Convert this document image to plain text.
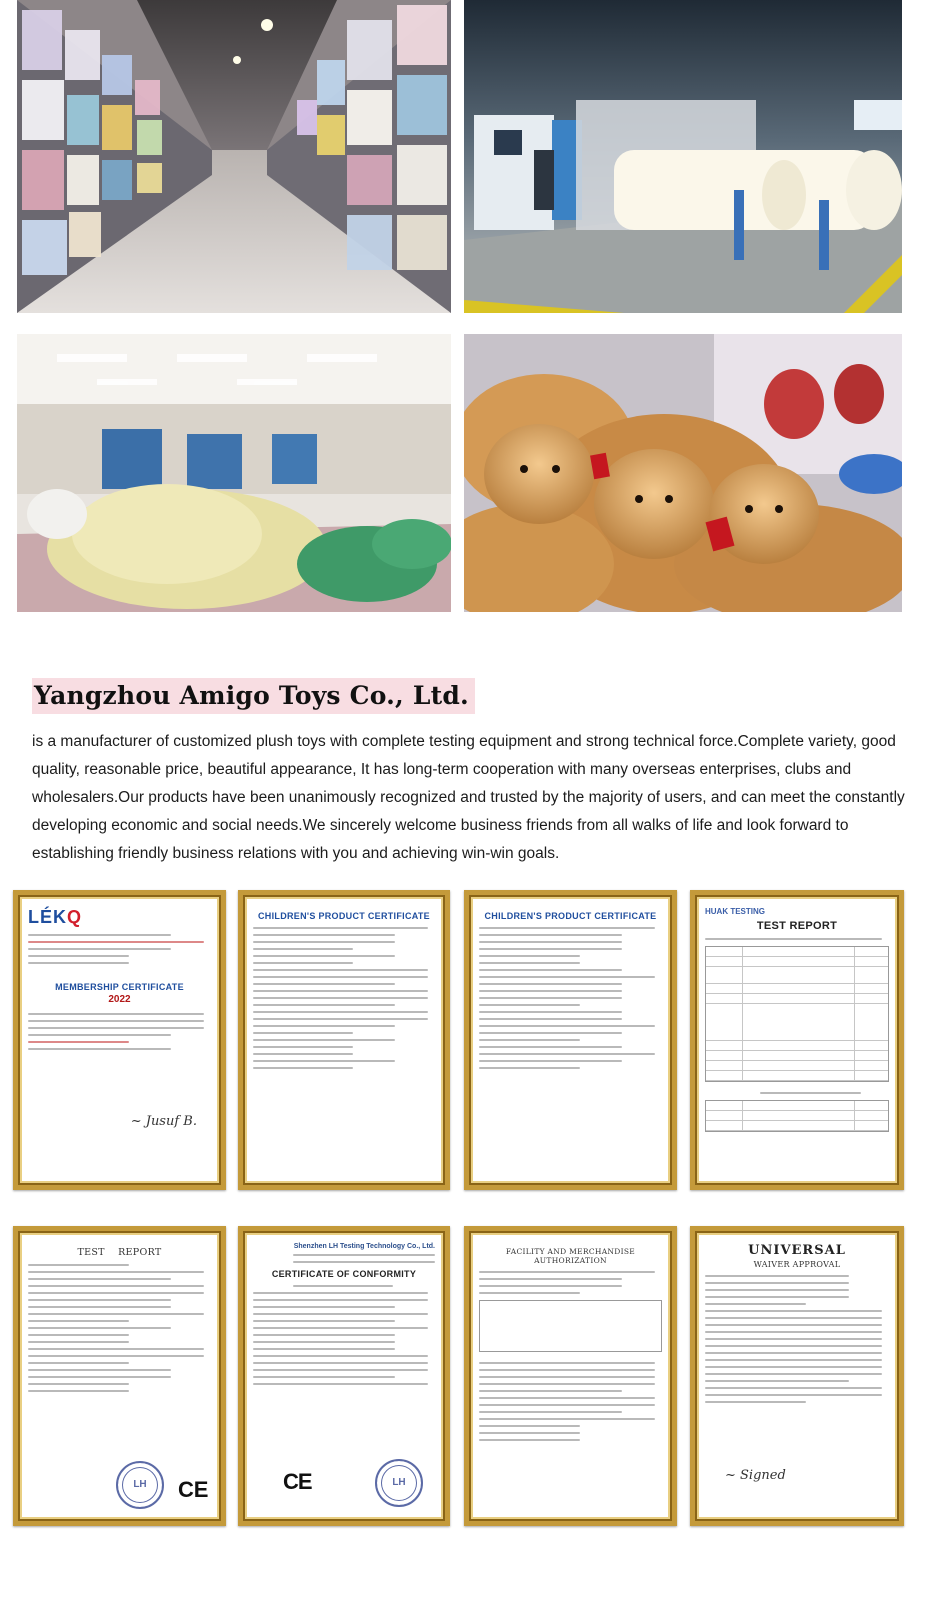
Yangzhou Amigo Toys Co., Ltd.

is a manufacturer of customized plush toys with complete testing equipment and strong technical force.Complete variety, good quality, reasonable price, beautiful appearance, It has long-term cooperation with many overseas enterprises, clubs and wholesalers.Our products have been unanimously recognized and trusted by the majority of users, and can meet the constantly developing economic and social needs.We sincerely welcome business friends from all walks of life and look forward to establishing friendly business relations with you and achieving win-win goals.

LÉKQ
MEMBERSHIP CERTIFICATE
2022
~ Jusuf B.
CHILDREN'S PRODUCT CERTIFICATE	CHILDREN'S PRODUCT CERTIFICATE	HUAK TESTING
TEST REPORT
TEST    REPORT
LH	C E
Shenzhen LH Testing Technology Co., Ltd.
CERTIFICATE OF CONFORMITY
CE	LH
FACILITY AND MERCHANDISE AUTHORIZATION
UNIVERSAL
WAIVER APPROVAL
~ Signed
